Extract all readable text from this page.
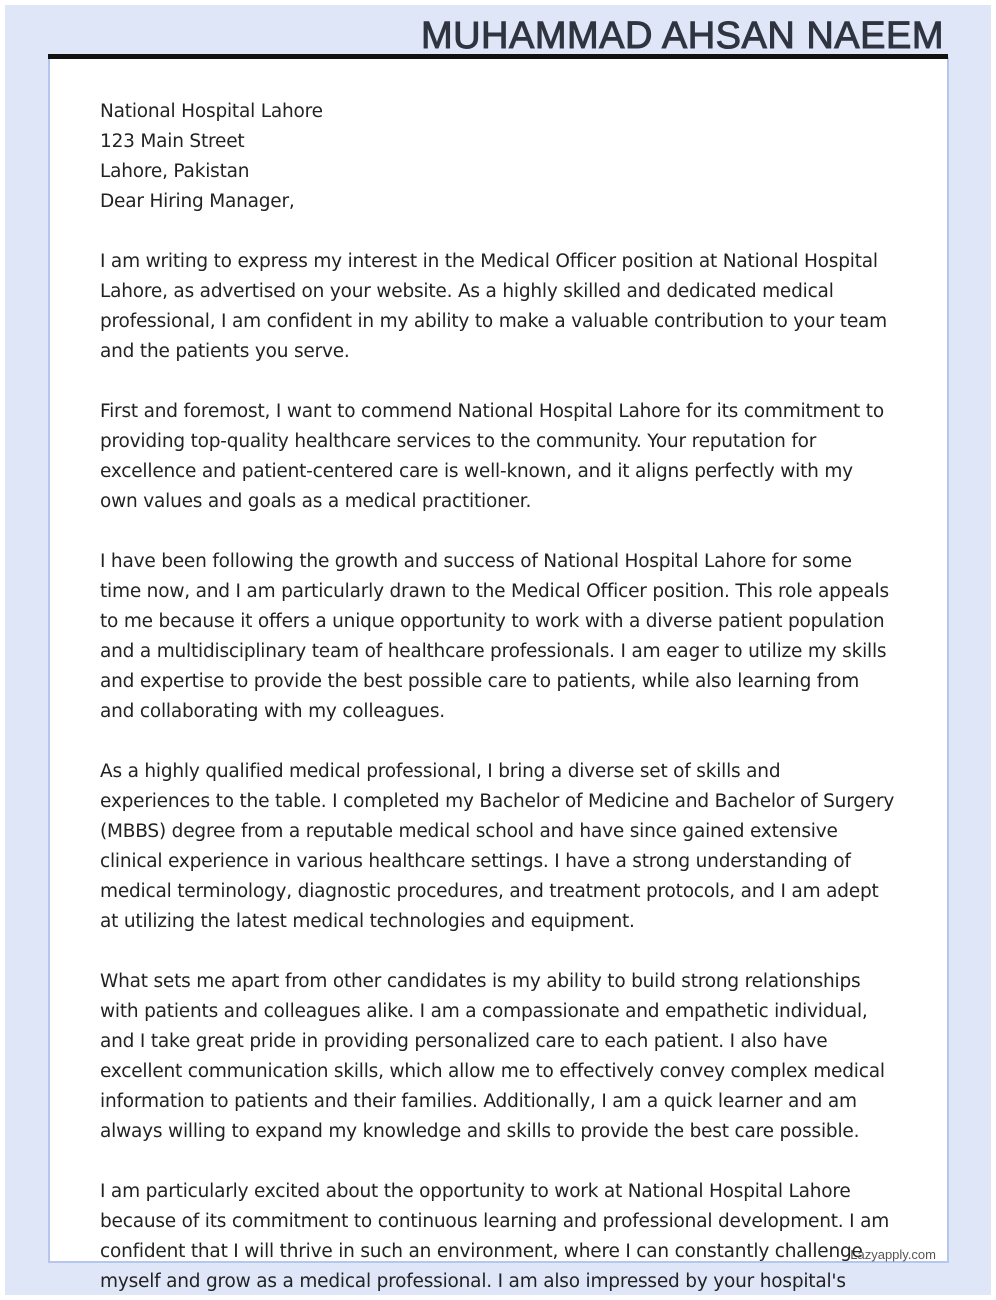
MUHAMMAD AHSAN NAEEM
National Hospital Lahore
123 Main Street
Lahore, Pakistan
Dear Hiring Manager,
I am writing to express my interest in the Medical Officer position at National Hospital Lahore, as advertised on your website. As a highly skilled and dedicated medical professional, I am confident in my ability to make a valuable contribution to your team and the patients you serve.
First and foremost, I want to commend National Hospital Lahore for its commitment to providing top-quality healthcare services to the community. Your reputation for excellence and patient-centered care is well-known, and it aligns perfectly with my own values and goals as a medical practitioner.
I have been following the growth and success of National Hospital Lahore for some time now, and I am particularly drawn to the Medical Officer position. This role appeals to me because it offers a unique opportunity to work with a diverse patient population and a multidisciplinary team of healthcare professionals. I am eager to utilize my skills and expertise to provide the best possible care to patients, while also learning from and collaborating with my colleagues.
As a highly qualified medical professional, I bring a diverse set of skills and experiences to the table. I completed my Bachelor of Medicine and Bachelor of Surgery (MBBS) degree from a reputable medical school and have since gained extensive clinical experience in various healthcare settings. I have a strong understanding of medical terminology, diagnostic procedures, and treatment protocols, and I am adept at utilizing the latest medical technologies and equipment.
What sets me apart from other candidates is my ability to build strong relationships with patients and colleagues alike. I am a compassionate and empathetic individual, and I take great pride in providing personalized care to each patient. I also have excellent communication skills, which allow me to effectively convey complex medical information to patients and their families. Additionally, I am a quick learner and am always willing to expand my knowledge and skills to provide the best care possible.
I am particularly excited about the opportunity to work at National Hospital Lahore because of its commitment to continuous learning and professional development. I am confident that I will thrive in such an environment, where I can constantly challenge myself and grow as a medical professional. I am also impressed by your hospital's
Lazyapply.com
